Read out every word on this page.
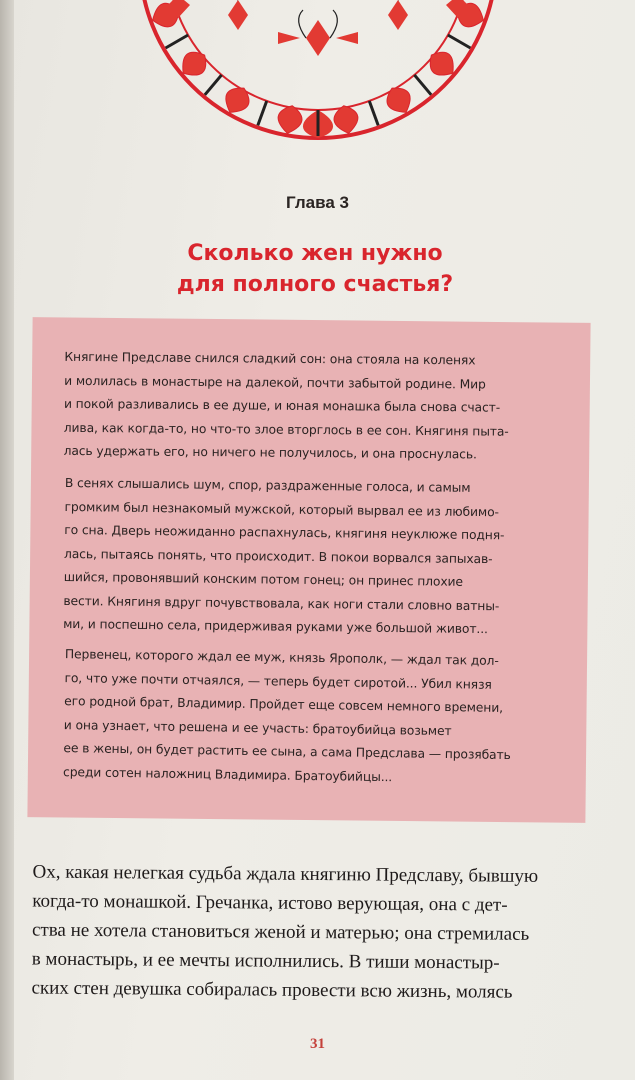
Глава 3
Сколько жен нужно
для полного счастья?
Княгине Предславе снился сладкий сон: она стояла на коленях
и молилась в монастыре на далекой, почти забытой родине. Мир
и покой разливались в ее душе, и юная монашка была снова счаст-
лива, как когда-то, но что-то злое вторглось в ее сон. Княгиня пыта-
лась удержать его, но ничего не получилось, и она проснулась.
В сенях слышались шум, спор, раздраженные голоса, и самым
громким был незнакомый мужской, который вырвал ее из любимо-
го сна. Дверь неожиданно распахнулась, княгиня неуклюже подня-
лась, пытаясь понять, что происходит. В покои ворвался запыхав-
шийся, провонявший конским потом гонец; он принес плохие
вести. Княгиня вдруг почувствовала, как ноги стали словно ватны-
ми, и поспешно села, придерживая руками уже большой живот...
Первенец, которого ждал ее муж, князь Ярополк, — ждал так дол-
го, что уже почти отчаялся, — теперь будет сиротой... Убил князя
его родной брат, Владимир. Пройдет еще совсем немного времени,
и она узнает, что решена и ее участь: братоубийца возьмет
ее в жены, он будет растить ее сына, а сама Предслава — прозябать
среди сотен наложниц Владимира. Братоубийцы...
Ох, какая нелегкая судьба ждала княгиню Предславу, бывшую
когда-то монашкой. Гречанка, истово верующая, она с дет-
ства не хотела становиться женой и матерью; она стремилась
в монастырь, и ее мечты исполнились. В тиши монастыр-
ских стен девушка собиралась провести всю жизнь, молясь
31
